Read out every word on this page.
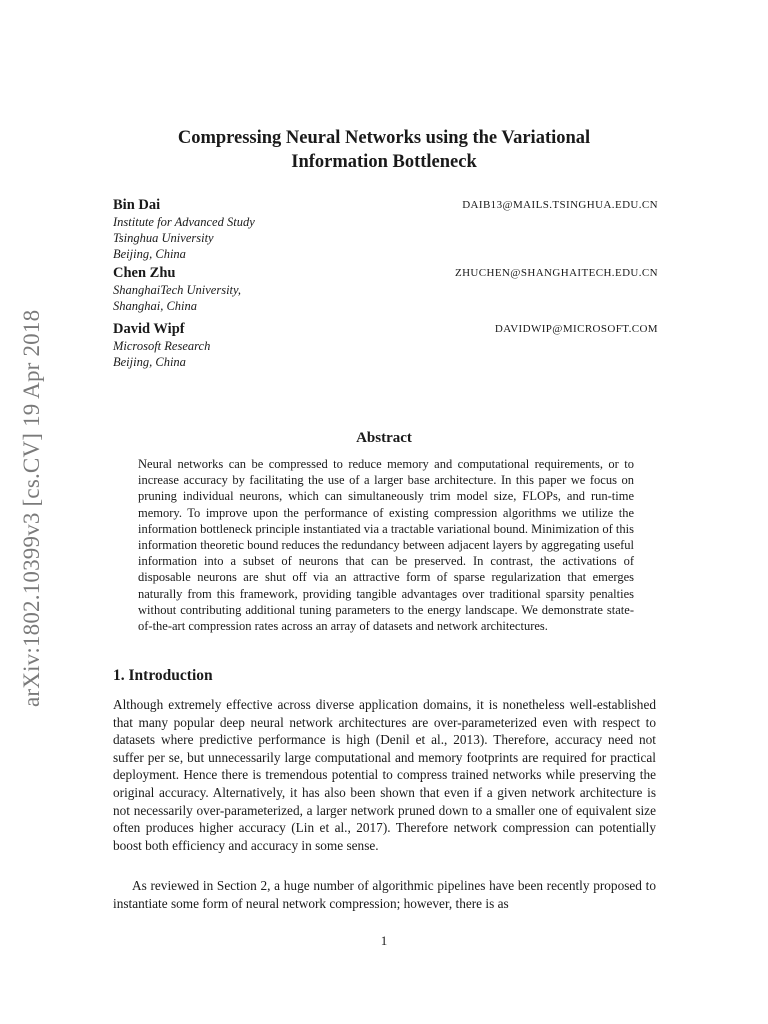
arXiv:1802.10399v3 [cs.CV] 19 Apr 2018
Compressing Neural Networks using the Variational
Information Bottleneck
Bin Dai	DAIB13@MAILS.TSINGHUA.EDU.CN
Institute for Advanced Study
Tsinghua University
Beijing, China
Chen Zhu	ZHUCHEN@SHANGHAITECH.EDU.CN
ShanghaiTech University,
Shanghai, China
David Wipf	DAVIDWIP@MICROSOFT.COM
Microsoft Research
Beijing, China
Abstract

Neural networks can be compressed to reduce memory and computational requirements, or to increase accuracy by facilitating the use of a larger base architecture. In this paper we focus on pruning individual neurons, which can simultaneously trim model size, FLOPs, and run-time memory. To improve upon the performance of existing compression algorithms we utilize the information bottleneck principle instantiated via a tractable variational bound. Minimization of this information theoretic bound reduces the redundancy between adjacent layers by aggregating useful information into a subset of neurons that can be preserved. In contrast, the activations of disposable neurons are shut off via an attractive form of sparse regularization that emerges naturally from this framework, providing tangible advantages over traditional sparsity penalties without contributing additional tuning parameters to the energy landscape. We demonstrate state-of-the-art compression rates across an array of datasets and network architectures.

1. Introduction

Although extremely effective across diverse application domains, it is nonetheless well-established that many popular deep neural network architectures are over-parameterized even with respect to datasets where predictive performance is high (Denil et al., 2013). Therefore, accuracy need not suffer per se, but unnecessarily large computational and memory footprints are required for practical deployment. Hence there is tremendous potential to compress trained networks while preserving the original accuracy. Alternatively, it has also been shown that even if a given network architecture is not necessarily over-parameterized, a larger network pruned down to a smaller one of equivalent size often produces higher accuracy (Lin et al., 2017). Therefore network compression can potentially boost both efficiency and accuracy in some sense.

As reviewed in Section 2, a huge number of algorithmic pipelines have been recently proposed to instantiate some form of neural network compression; however, there is as

1
